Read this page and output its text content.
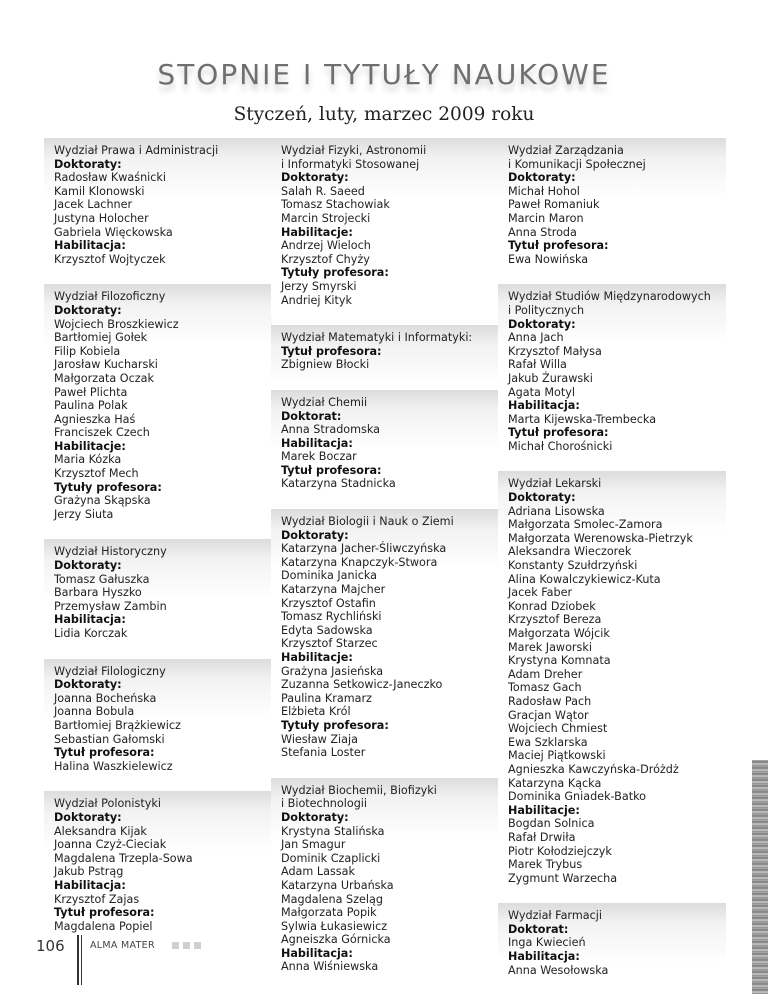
STOPNIE I TYTUŁY NAUKOWE
Styczeń, luty, marzec 2009 roku
Wydział Prawa i Administracji
Doktoraty:
Radosław Kwaśnicki
Kamil Klonowski
Jacek Lachner
Justyna Holocher
Gabriela Więckowska
Habilitacja:
Krzysztof Wojtyczek
Wydział Filozoficzny
Doktoraty:
Wojciech Broszkiewicz
Bartłomiej Gołek
Filip Kobiela
Jarosław Kucharski
Małgorzata Oczak
Paweł Plichta
Paulina Polak
Agnieszka Haś
Franciszek Czech
Habilitacje:
Maria Kózka
Krzysztof Mech
Tytuły profesora:
Grażyna Skąpska
Jerzy Siuta
Wydział Historyczny
Doktoraty:
Tomasz Gałuszka
Barbara Hyszko
Przemysław Zambin
Habilitacja:
Lidia Korczak
Wydział Filologiczny
Doktoraty:
Joanna Bocheńska
Joanna Bobula
Bartłomiej Brążkiewicz
Sebastian Gałomski
Tytuł profesora:
Halina Waszkielewicz
Wydział Polonistyki
Doktoraty:
Aleksandra Kijak
Joanna Czyż-Cieciak
Magdalena Trzepla-Sowa
Jakub Pstrąg
Habilitacja:
Krzysztof Zajas
Tytuł profesora:
Magdalena Popiel
Wydział Fizyki, Astronomii
i Informatyki Stosowanej
Doktoraty:
Salah R. Saeed
Tomasz Stachowiak
Marcin Strojecki
Habilitacje:
Andrzej Wieloch
Krzysztof Chyży
Tytuły profesora:
Jerzy Smyrski
Andriej Kityk
Wydział Matematyki i Informatyki:
Tytuł profesora:
Zbigniew Błocki
Wydział Chemii
Doktorat:
Anna Stradomska
Habilitacja:
Marek Boczar
Tytuł profesora:
Katarzyna Stadnicka
Wydział Biologii i Nauk o Ziemi
Doktoraty:
Katarzyna Jacher-Śliwczyńska
Katarzyna Knapczyk-Stwora
Dominika Janicka
Katarzyna Majcher
Krzysztof Ostafin
Tomasz Rychliński
Edyta Sadowska
Krzysztof Starzec
Habilitacje:
Grażyna Jasieńska
Zuzanna Setkowicz-Janeczko
Paulina Kramarz
Elżbieta Król
Tytuły profesora:
Wiesław Ziaja
Stefania Loster
Wydział Biochemii, Biofizyki
i Biotechnologii
Doktoraty:
Krystyna Stalińska
Jan Smagur
Dominik Czaplicki
Adam Lassak
Katarzyna Urbańska
Magdalena Szeląg
Małgorzata Popik
Sylwia Łukasiewicz
Agneiszka Górnicka
Habilitacja:
Anna Wiśniewska
Wydział Zarządzania
i Komunikacji Społecznej
Doktoraty:
Michał Hohol
Paweł Romaniuk
Marcin Maron
Anna Stroda
Tytuł profesora:
Ewa Nowińska
Wydział Studiów Międzynarodowych
i Politycznych
Doktoraty:
Anna Jach
Krzysztof Małysa
Rafał Willa
Jakub Żurawski
Agata Motyl
Habilitacja:
Marta Kijewska-Trembecka
Tytuł profesora:
Michał Chorośnicki
Wydział Lekarski
Doktoraty:
Adriana Lisowska
Małgorzata Smolec-Zamora
Małgorzata Werenowska-Pietrzyk
Aleksandra Wieczorek
Konstanty Szułdrzyński
Alina Kowalczykiewicz-Kuta
Jacek Faber
Konrad Dziobek
Krzysztof Bereza
Małgorzata Wójcik
Marek Jaworski
Krystyna Komnata
Adam Dreher
Tomasz Gach
Radosław Pach
Gracjan Wątor
Wojciech Chmiest
Ewa Szklarska
Maciej Piątkowski
Agnieszka Kawczyńska-Dróżdż
Katarzyna Kącka
Dominika Gniadek-Batko
Habilitacje:
Bogdan Solnica
Rafał Drwiła
Piotr Kołodziejczyk
Marek Trybus
Zygmunt Warzecha
Wydział Farmacji
Doktorat:
Inga Kwiecień
Habilitacja:
Anna Wesołowska
106	ALMA MATER
